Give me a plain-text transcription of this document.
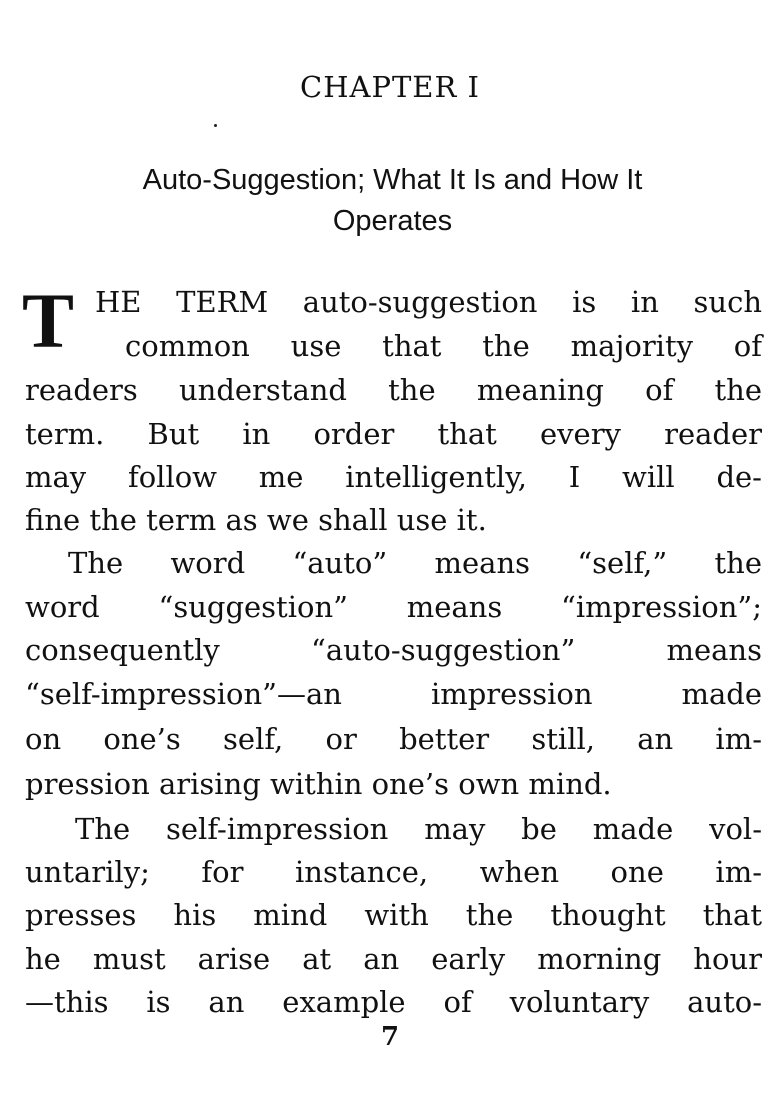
CHAPTER I
Auto-Suggestion; What It Is and How It
Operates
T HE TERM auto-suggestion is in such
common use that the majority of
readers understand the meaning of the
term. But in order that every reader
may follow me intelligently, I will de-
fine the term as we shall use it.
The word “auto” means “self,” the
word “suggestion” means “impression”;
consequently “auto-suggestion” means
“self-impression”—an impression made
on one’s self, or better still, an im-
pression arising within one’s own mind.
The self-impression may be made vol-
untarily; for instance, when one im-
presses his mind with the thought that
he must arise at an early morning hour
—this is an example of voluntary auto-
7
